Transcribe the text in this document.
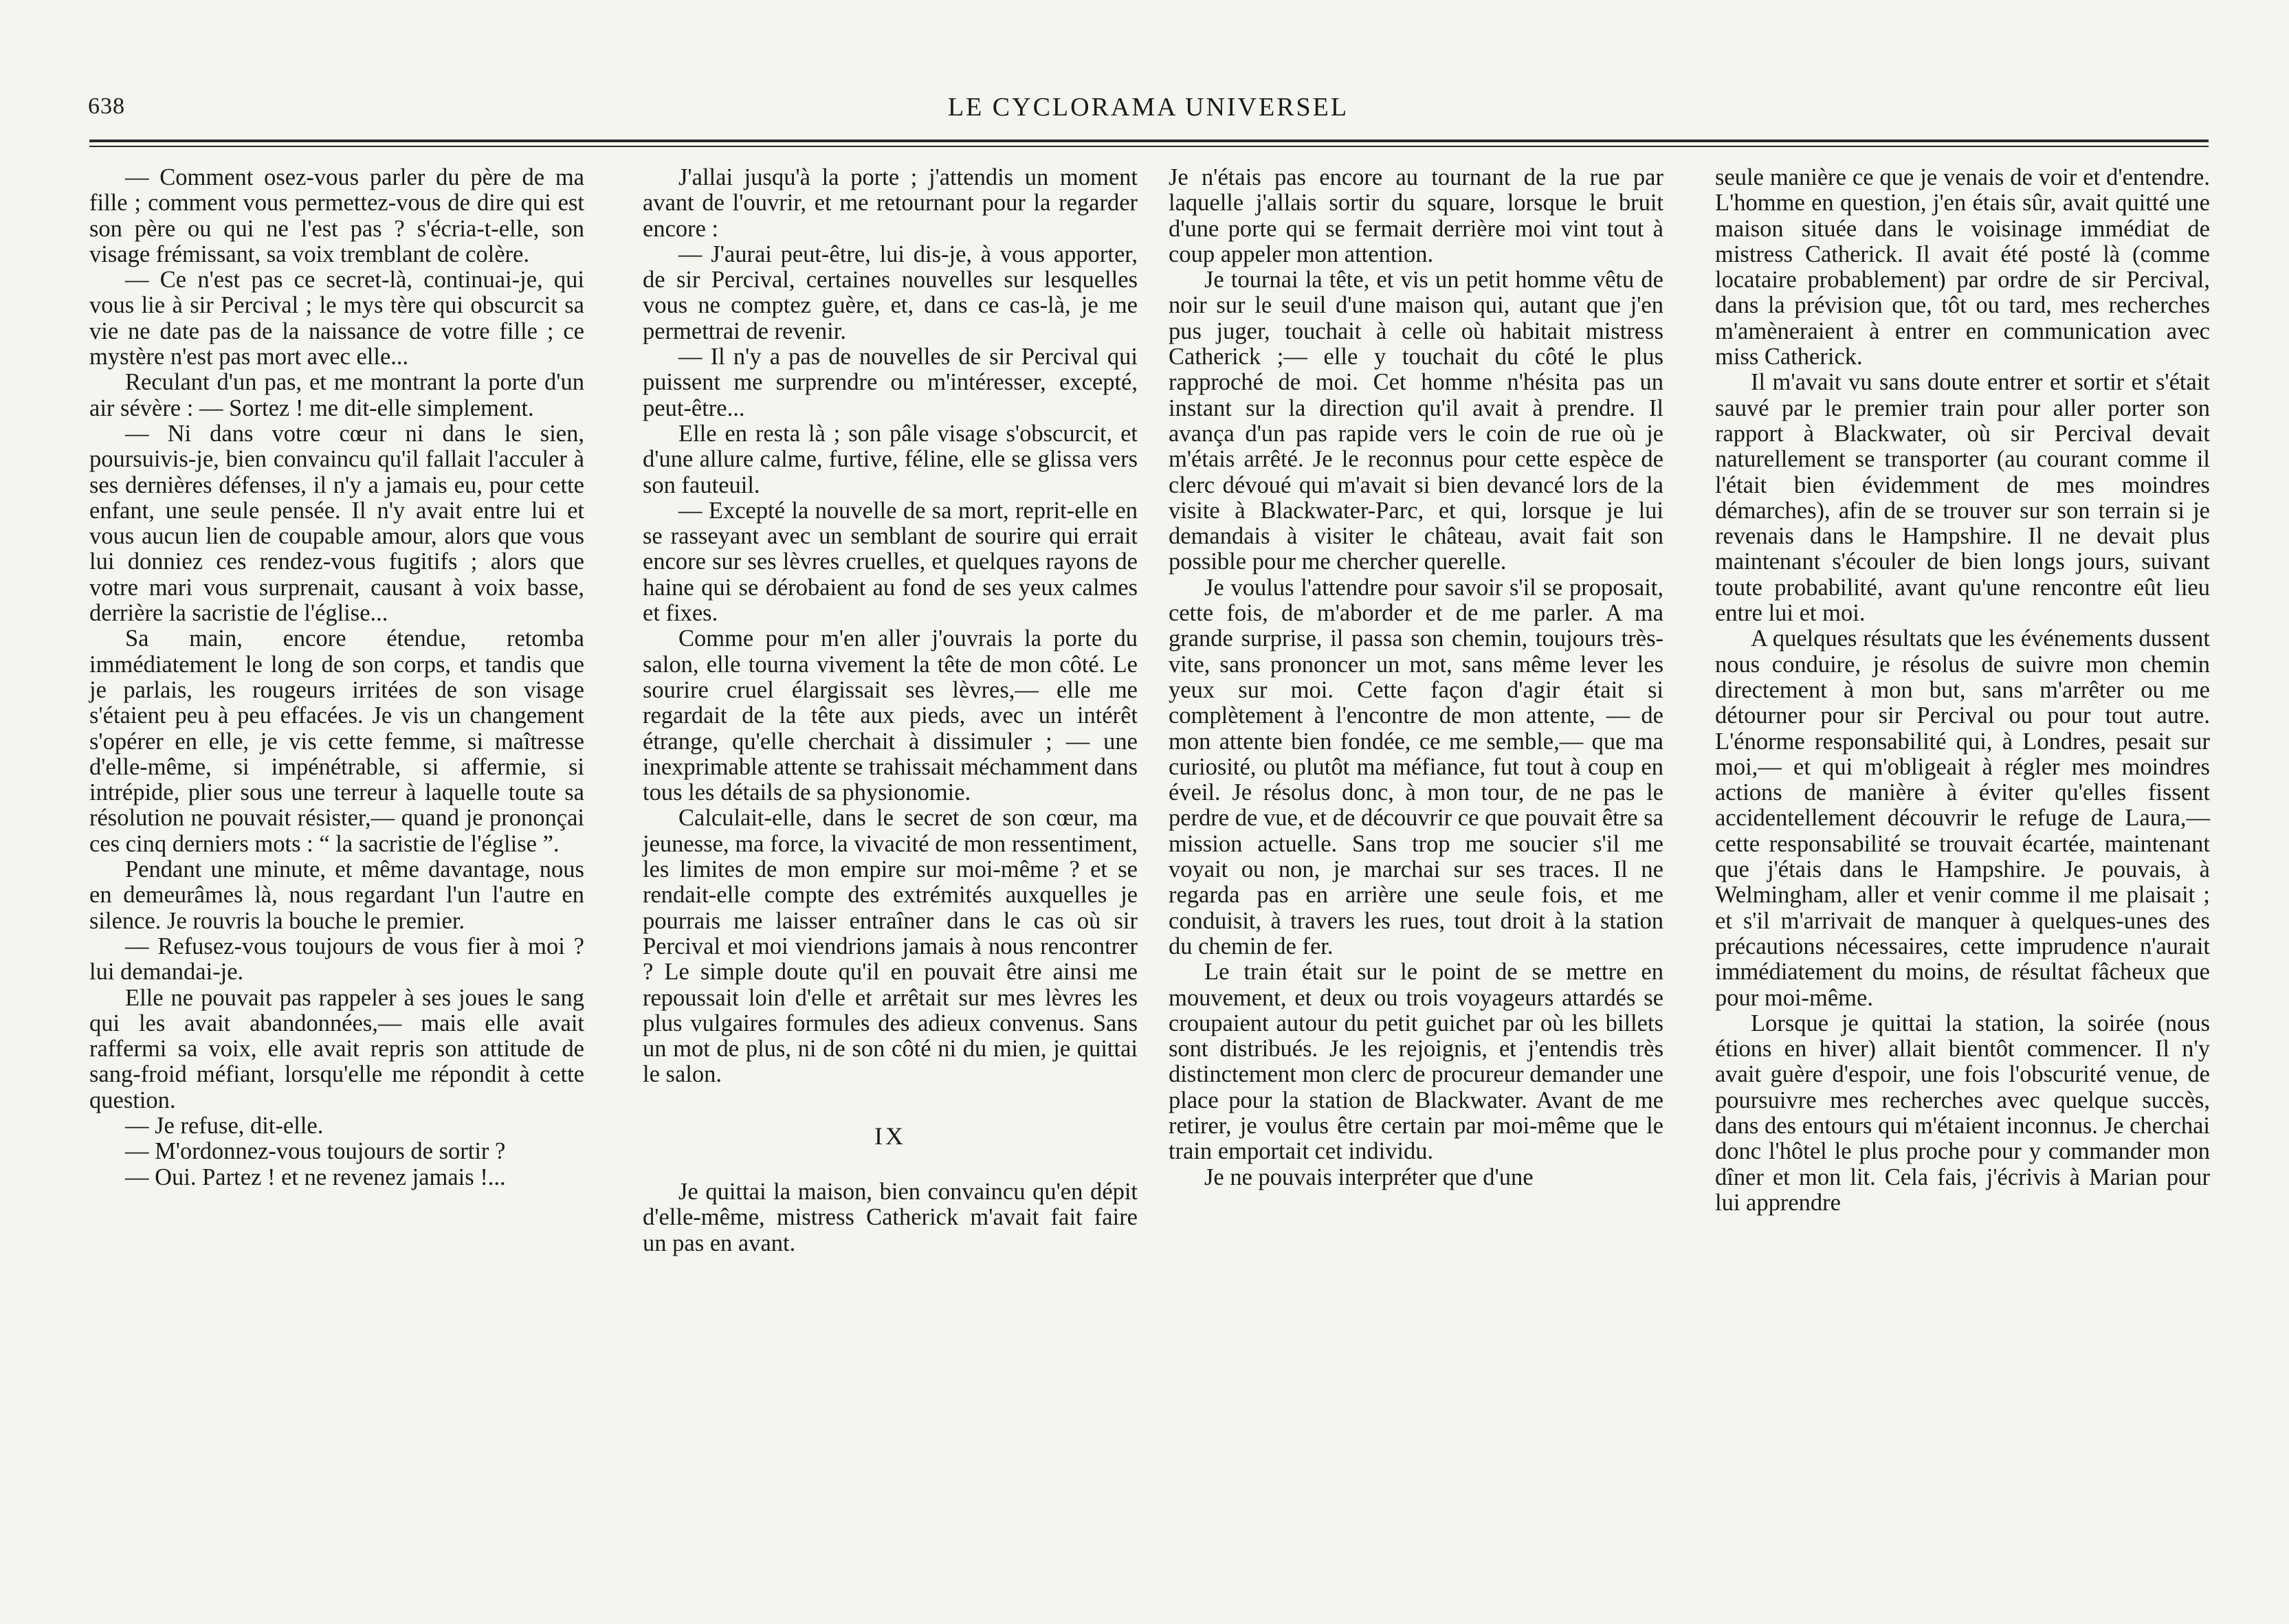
638	LE CYCLORAMA UNIVERSEL

— Comment osez-vous parler du père de ma fille ; comment vous permettez-vous de dire qui est son père ou qui ne l'est pas ? s'écria-t-elle, son visage frémissant, sa voix tremblant de colère.

— Ce n'est pas ce secret-là, continuai-je, qui vous lie à sir Percival ; le mys tère qui obscurcit sa vie ne date pas de la naissance de votre fille ; ce mystère n'est pas mort avec elle...

Reculant d'un pas, et me montrant la porte d'un air sévère : — Sortez ! me dit-elle simplement.

— Ni dans votre cœur ni dans le sien, poursuivis-je, bien convaincu qu'il fallait l'acculer à ses dernières défenses, il n'y a jamais eu, pour cette enfant, une seule pensée. Il n'y avait entre lui et vous aucun lien de coupable amour, alors que vous lui donniez ces rendez-vous fugitifs ; alors que votre mari vous surprenait, causant à voix basse, derrière la sacristie de l'église...

Sa main, encore étendue, retomba immédiatement le long de son corps, et tandis que je parlais, les rougeurs irritées de son visage s'étaient peu à peu effacées. Je vis un changement s'opérer en elle, je vis cette femme, si maîtresse d'elle-même, si impénétrable, si affermie, si intrépide, plier sous une terreur à laquelle toute sa résolution ne pouvait résister,— quand je prononçai ces cinq derniers mots : “ la sacristie de l'église ”.

Pendant une minute, et même davantage, nous en demeurâmes là, nous regardant l'un l'autre en silence. Je rouvris la bouche le premier.

— Refusez-vous toujours de vous fier à moi ? lui demandai-je.

Elle ne pouvait pas rappeler à ses joues le sang qui les avait abandonnées,— mais elle avait raffermi sa voix, elle avait repris son attitude de sang-froid méfiant, lorsqu'elle me répondit à cette question.

— Je refuse, dit-elle.

— M'ordonnez-vous toujours de sortir ?

— Oui. Partez ! et ne revenez jamais !...

J'allai jusqu'à la porte ; j'attendis un moment avant de l'ouvrir, et me retournant pour la regarder encore :

— J'aurai peut-être, lui dis-je, à vous apporter, de sir Percival, certaines nouvelles sur lesquelles vous ne comptez guère, et, dans ce cas-là, je me permettrai de revenir.

— Il n'y a pas de nouvelles de sir Percival qui puissent me surprendre ou m'intéresser, excepté, peut-être...

Elle en resta là ; son pâle visage s'obscurcit, et d'une allure calme, furtive, féline, elle se glissa vers son fauteuil.

— Excepté la nouvelle de sa mort, reprit-elle en se rasseyant avec un semblant de sourire qui errait encore sur ses lèvres cruelles, et quelques rayons de haine qui se dérobaient au fond de ses yeux calmes et fixes.

Comme pour m'en aller j'ouvrais la porte du salon, elle tourna vivement la tête de mon côté. Le sourire cruel élargissait ses lèvres,— elle me regardait de la tête aux pieds, avec un intérêt étrange, qu'elle cherchait à dissimuler ; — une inexprimable attente se trahissait méchamment dans tous les détails de sa physionomie.

Calculait-elle, dans le secret de son cœur, ma jeunesse, ma force, la vivacité de mon ressentiment, les limites de mon empire sur moi-même ? et se rendait-elle compte des extrémités auxquelles je pourrais me laisser entraîner dans le cas où sir Percival et moi viendrions jamais à nous rencontrer ? Le simple doute qu'il en pouvait être ainsi me repoussait loin d'elle et arrêtait sur mes lèvres les plus vulgaires formules des adieux convenus. Sans un mot de plus, ni de son côté ni du mien, je quittai le salon.

IX

Je quittai la maison, bien convaincu qu'en dépit d'elle-même, mistress Catherick m'avait fait faire un pas en avant.

Je n'étais pas encore au tournant de la rue par laquelle j'allais sortir du square, lorsque le bruit d'une porte qui se fermait derrière moi vint tout à coup appeler mon attention.

Je tournai la tête, et vis un petit homme vêtu de noir sur le seuil d'une maison qui, autant que j'en pus juger, touchait à celle où habitait mistress Catherick ;— elle y touchait du côté le plus rapproché de moi. Cet homme n'hésita pas un instant sur la direction qu'il avait à prendre. Il avança d'un pas rapide vers le coin de rue où je m'étais arrêté. Je le reconnus pour cette espèce de clerc dévoué qui m'avait si bien devancé lors de la visite à Blackwater-Parc, et qui, lorsque je lui demandais à visiter le château, avait fait son possible pour me chercher querelle.

Je voulus l'attendre pour savoir s'il se proposait, cette fois, de m'aborder et de me parler. A ma grande surprise, il passa son chemin, toujours très-vite, sans prononcer un mot, sans même lever les yeux sur moi. Cette façon d'agir était si complètement à l'encontre de mon attente, — de mon attente bien fondée, ce me semble,— que ma curiosité, ou plutôt ma méfiance, fut tout à coup en éveil. Je résolus donc, à mon tour, de ne pas le perdre de vue, et de découvrir ce que pouvait être sa mission actuelle. Sans trop me soucier s'il me voyait ou non, je marchai sur ses traces. Il ne regarda pas en arrière une seule fois, et me conduisit, à travers les rues, tout droit à la station du chemin de fer.

Le train était sur le point de se mettre en mouvement, et deux ou trois voyageurs attardés se croupaient autour du petit guichet par où les billets sont distribués. Je les rejoignis, et j'entendis très distinctement mon clerc de procureur demander une place pour la station de Blackwater. Avant de me retirer, je voulus être certain par moi-même que le train emportait cet individu.

Je ne pouvais interpréter que d'une

seule manière ce que je venais de voir et d'entendre. L'homme en question, j'en étais sûr, avait quitté une maison située dans le voisinage immédiat de mistress Catherick. Il avait été posté là (comme locataire probablement) par ordre de sir Percival, dans la prévision que, tôt ou tard, mes recherches m'amèneraient à entrer en communication avec miss Catherick.

Il m'avait vu sans doute entrer et sortir et s'était sauvé par le premier train pour aller porter son rapport à Blackwater, où sir Percival devait naturellement se transporter (au courant comme il l'était bien évidemment de mes moindres démarches), afin de se trouver sur son terrain si je revenais dans le Hampshire. Il ne devait plus maintenant s'écouler de bien longs jours, suivant toute probabilité, avant qu'une rencontre eût lieu entre lui et moi.

A quelques résultats que les événements dussent nous conduire, je résolus de suivre mon chemin directement à mon but, sans m'arrêter ou me détourner pour sir Percival ou pour tout autre. L'énorme responsabilité qui, à Londres, pesait sur moi,— et qui m'obligeait à régler mes moindres actions de manière à éviter qu'elles fissent accidentellement découvrir le refuge de Laura,— cette responsabilité se trouvait écartée, maintenant que j'étais dans le Hampshire. Je pouvais, à Welmingham, aller et venir comme il me plaisait ; et s'il m'arrivait de manquer à quelques-unes des précautions nécessaires, cette imprudence n'aurait immédiatement du moins, de résultat fâcheux que pour moi-même.

Lorsque je quittai la station, la soirée (nous étions en hiver) allait bientôt commencer. Il n'y avait guère d'espoir, une fois l'obscurité venue, de poursuivre mes recherches avec quelque succès, dans des entours qui m'étaient inconnus. Je cherchai donc l'hôtel le plus proche pour y commander mon dîner et mon lit. Cela fais, j'écrivis à Marian pour lui apprendre
